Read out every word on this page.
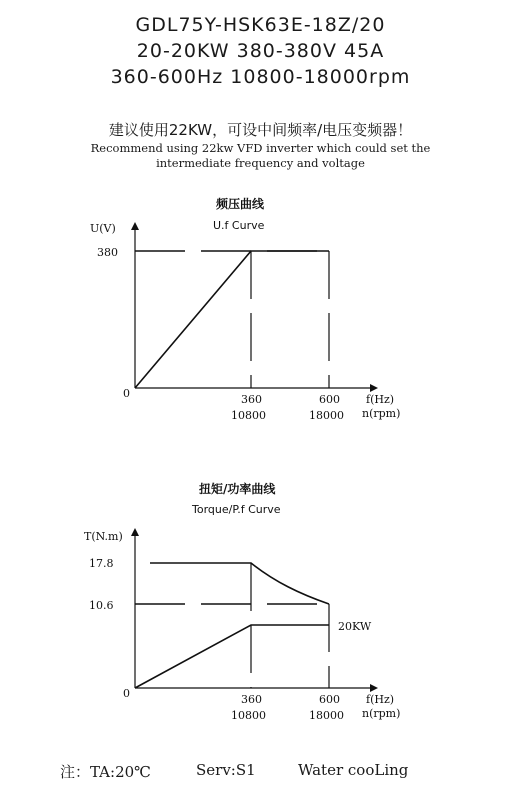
GDL75Y-HSK63E-18Z/20
20-20KW 380-380V 45A
360-600Hz 10800-18000rpm
建议使用22KW，可设中间频率/电压变频器！
Recommend using 22kw VFD inverter which could set the
intermediate frequency and voltage
频压曲线
U.f Curve
扭矩/功率曲线
Torque/P.f Curve
U(V)
380
0	360
10800
600
18000
f(Hz)
n(rpm)
T(N.m)
17.8
10.6
0
20KW
360
10800
600
18000
f(Hz)
n(rpm)
注：TA:20℃	Serv:S1	Water cooLing
